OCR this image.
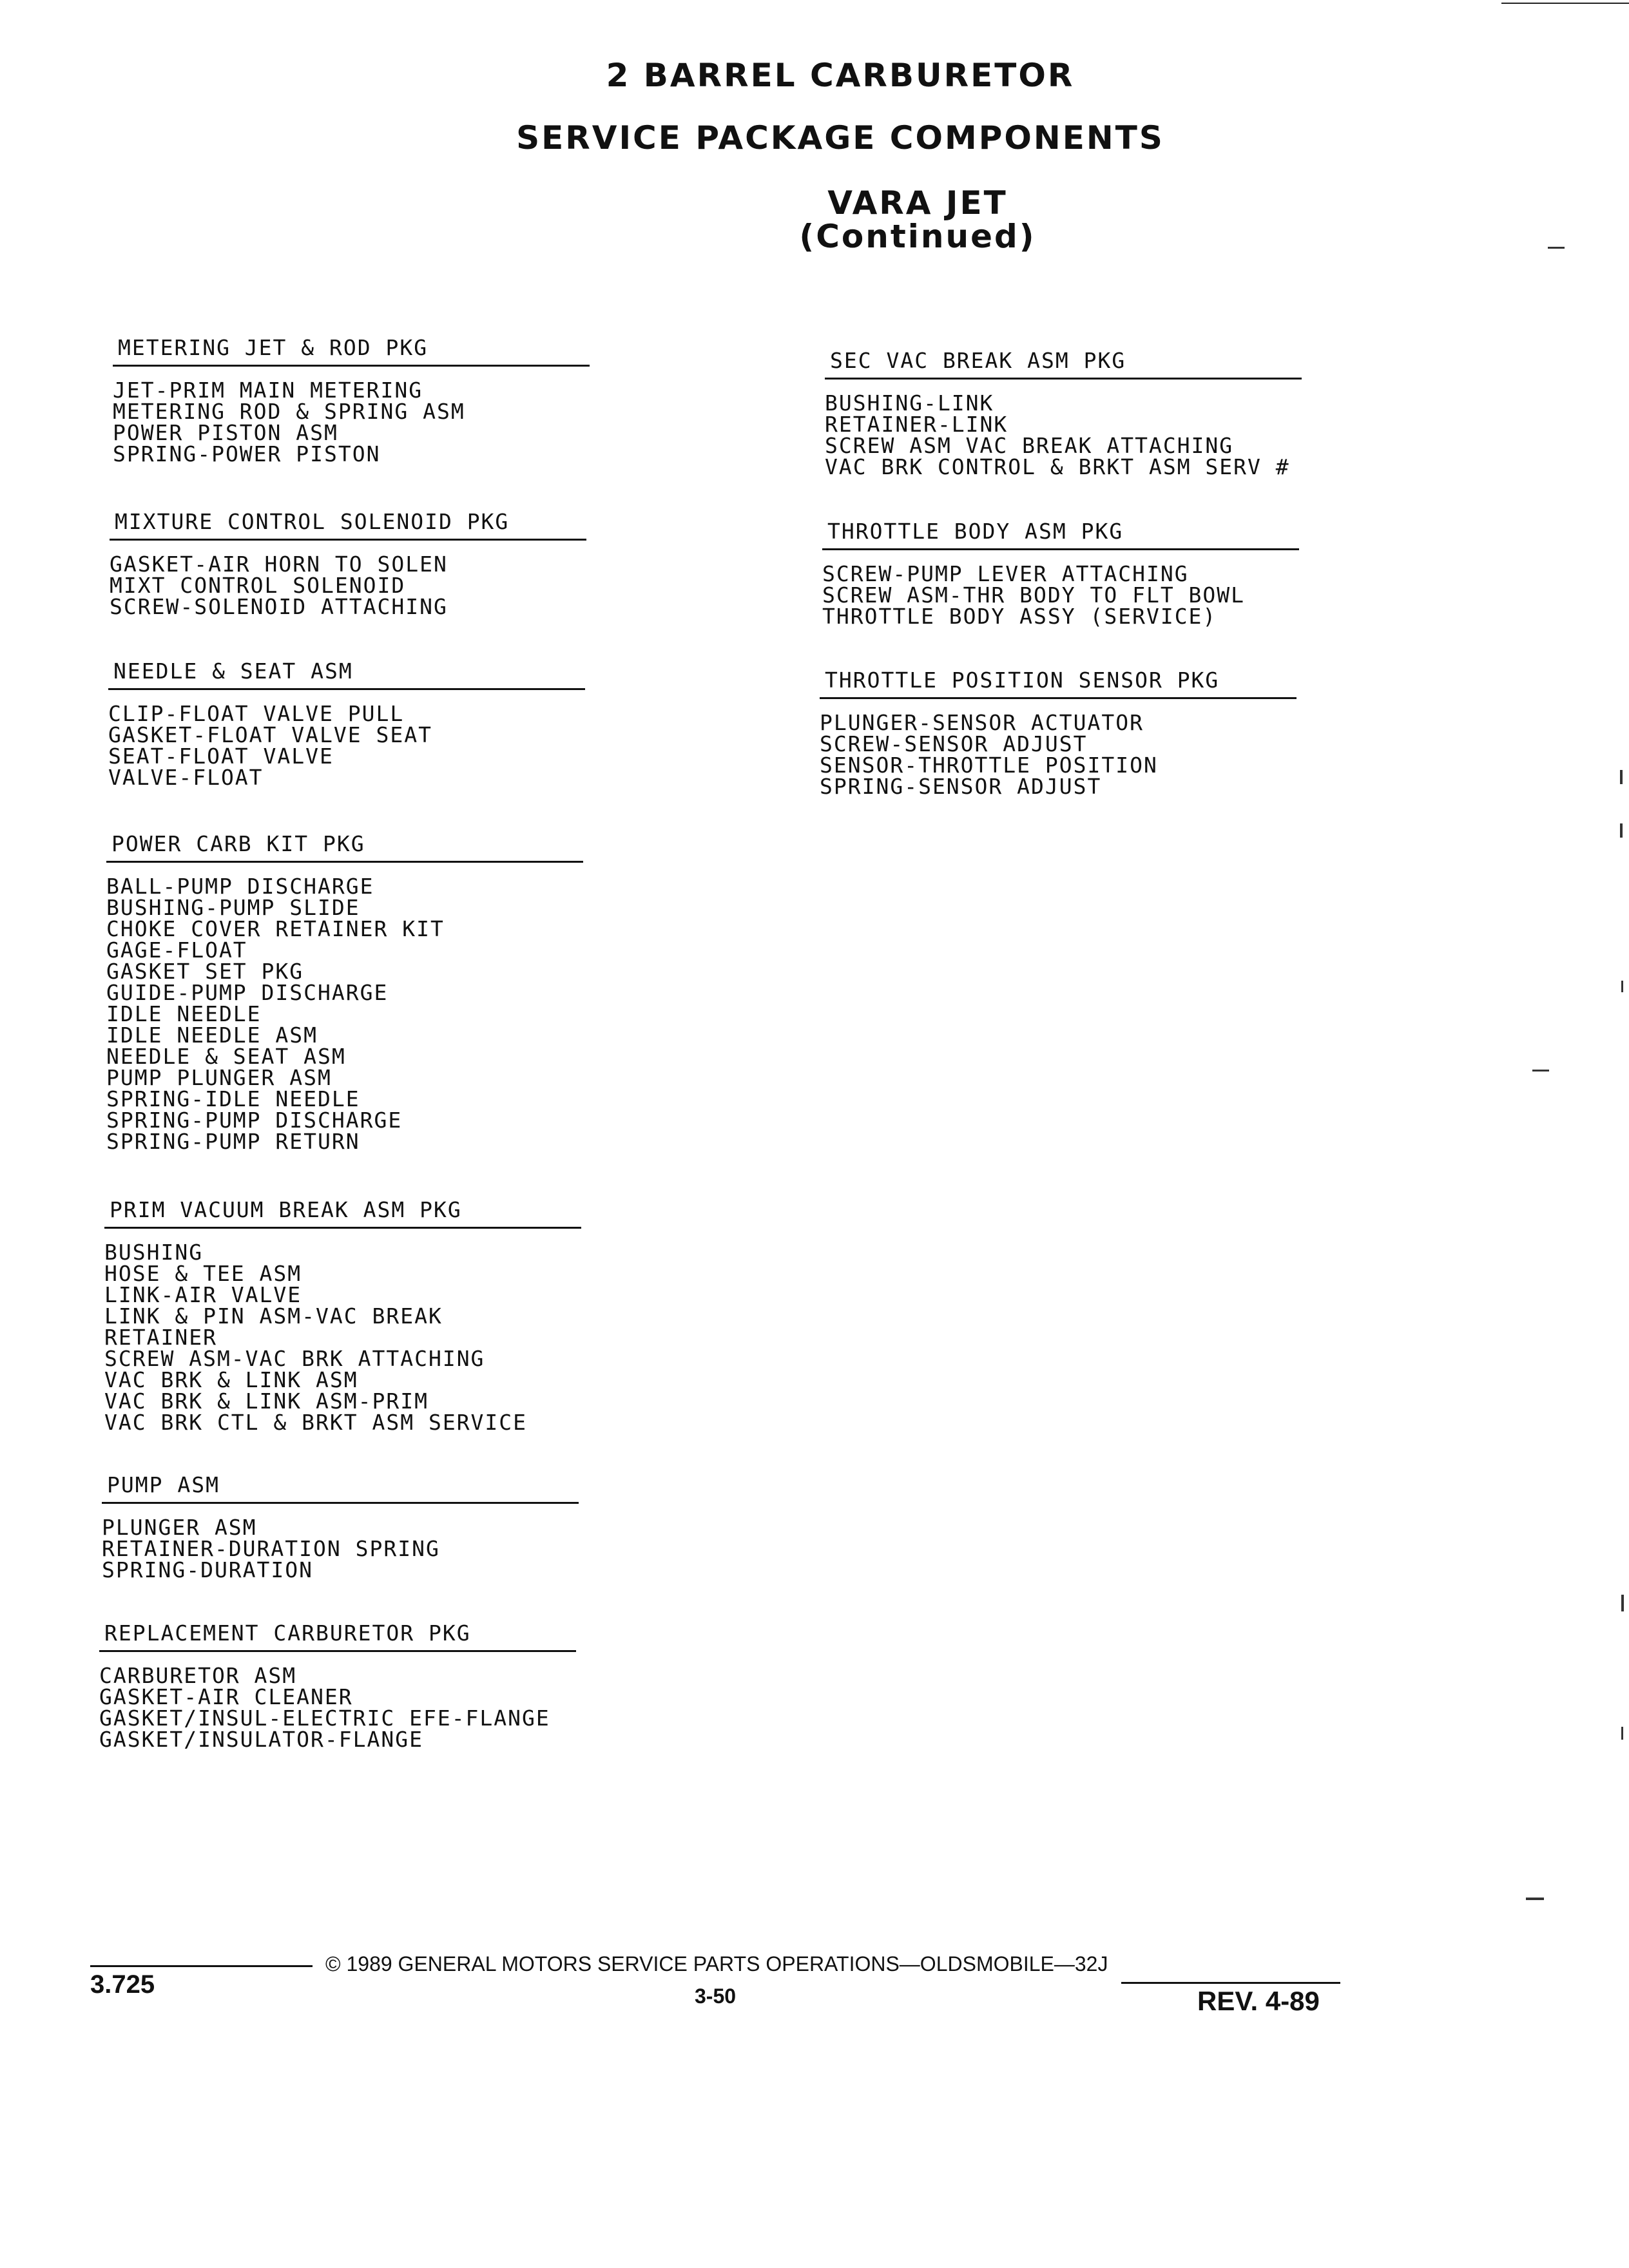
2 BARREL CARBURETOR
SERVICE PACKAGE COMPONENTS
VARA JET
(Continued)
METERING JET & ROD PKG
JET-PRIM MAIN METERING
METERING ROD & SPRING ASM
POWER PISTON ASM
SPRING-POWER PISTON
MIXTURE CONTROL SOLENOID PKG
GASKET-AIR HORN TO SOLEN
MIXT CONTROL SOLENOID
SCREW-SOLENOID ATTACHING
NEEDLE & SEAT ASM
CLIP-FLOAT VALVE PULL
GASKET-FLOAT VALVE SEAT
SEAT-FLOAT VALVE
VALVE-FLOAT
POWER CARB KIT PKG
BALL-PUMP DISCHARGE
BUSHING-PUMP SLIDE
CHOKE COVER RETAINER KIT
GAGE-FLOAT
GASKET SET PKG
GUIDE-PUMP DISCHARGE
IDLE NEEDLE
IDLE NEEDLE ASM
NEEDLE & SEAT ASM
PUMP PLUNGER ASM
SPRING-IDLE NEEDLE
SPRING-PUMP DISCHARGE
SPRING-PUMP RETURN
PRIM VACUUM BREAK ASM PKG
BUSHING
HOSE & TEE ASM
LINK-AIR VALVE
LINK & PIN ASM-VAC BREAK
RETAINER
SCREW ASM-VAC BRK ATTACHING
VAC BRK & LINK ASM
VAC BRK & LINK ASM-PRIM
VAC BRK CTL & BRKT ASM SERVICE
PUMP ASM
PLUNGER ASM
RETAINER-DURATION SPRING
SPRING-DURATION
REPLACEMENT CARBURETOR PKG
CARBURETOR ASM
GASKET-AIR CLEANER
GASKET/INSUL-ELECTRIC EFE-FLANGE
GASKET/INSULATOR-FLANGE
SEC VAC BREAK ASM PKG
BUSHING-LINK
RETAINER-LINK
SCREW ASM VAC BREAK ATTACHING
VAC BRK CONTROL & BRKT ASM SERV #
THROTTLE BODY ASM PKG
SCREW-PUMP LEVER ATTACHING
SCREW ASM-THR BODY TO FLT BOWL
THROTTLE BODY ASSY (SERVICE)
THROTTLE POSITION SENSOR PKG
PLUNGER-SENSOR ACTUATOR
SCREW-SENSOR ADJUST
SENSOR-THROTTLE POSITION
SPRING-SENSOR ADJUST
3.725
© 1989 GENERAL MOTORS SERVICE PARTS OPERATIONS—OLDSMOBILE—32J
3-50	REV. 4-89
